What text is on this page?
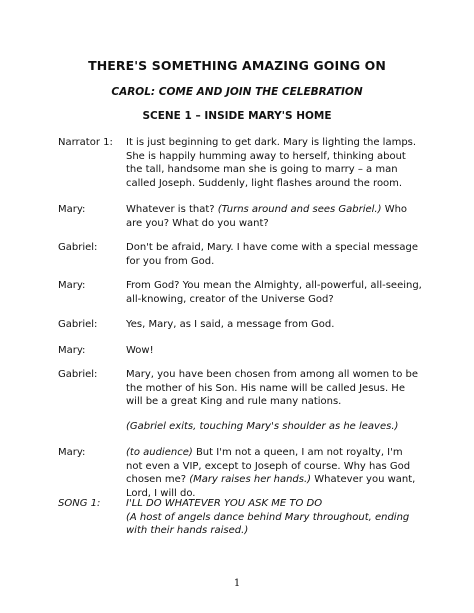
THERE'S SOMETHING AMAZING GOING ON
CAROL: COME AND JOIN THE CELEBRATION
SCENE 1 – INSIDE MARY'S HOME
Narrator 1:	It is just beginning to get dark. Mary is lighting the lamps. She is happily humming away to herself, thinking about the tall, handsome man she is going to marry – a man called Joseph. Suddenly, light flashes around the room.
Mary:	Whatever is that? (Turns around and sees Gabriel.) Who are you? What do you want?
Gabriel:	Don't be afraid, Mary. I have come with a special message for you from God.
Mary:	From God? You mean the Almighty, all-powerful, all-seeing, all-knowing, creator of the Universe God?
Gabriel:	Yes, Mary, as I said, a message from God.
Mary:	Wow!
Gabriel:	Mary, you have been chosen from among all women to be the mother of his Son. His name will be called Jesus. He will be a great King and rule many nations.
(Gabriel exits, touching Mary's shoulder as he leaves.)
Mary:	(to audience) But I'm not a queen, I am not royalty, I'm not even a VIP, except to Joseph of course. Why has God chosen me? (Mary raises her hands.) Whatever you want, Lord, I will do.
SONG 1:	I'LL DO WHATEVER YOU ASK ME TO DO
(A host of angels dance behind Mary throughout, ending with their hands raised.)
1
